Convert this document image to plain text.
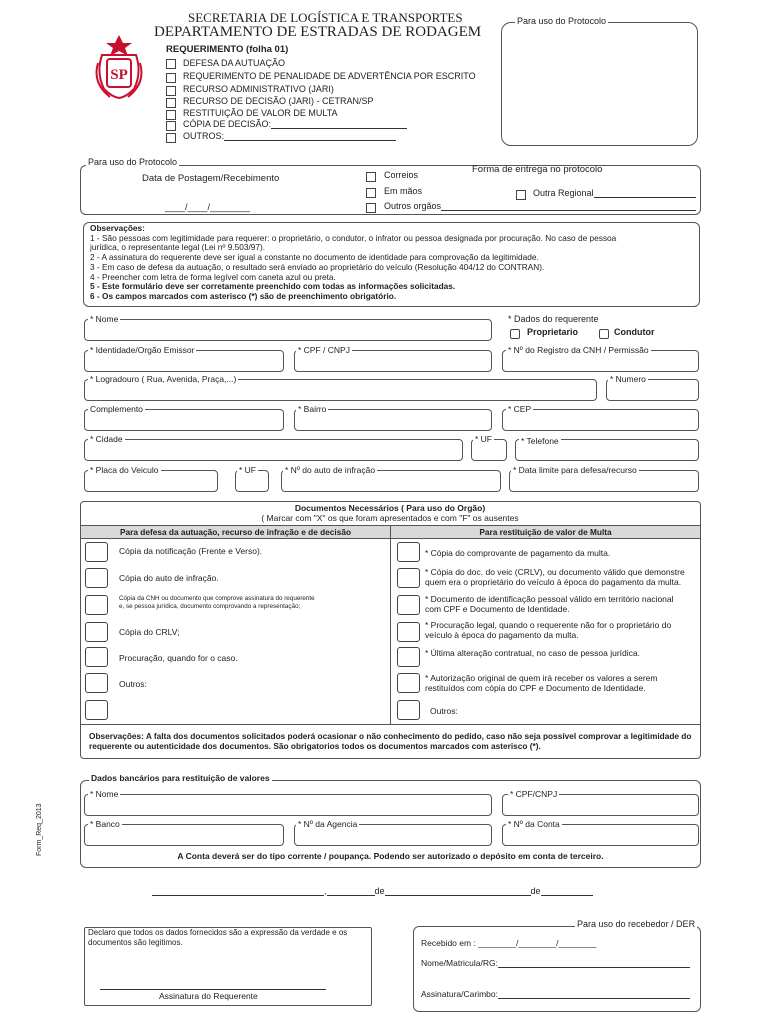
SP
SECRETARIA DE LOGÍSTICA E TRANSPORTES
DEPARTAMENTO DE ESTRADAS DE RODAGEM
REQUERIMENTO (folha 01)
DEFESA DA AUTUAÇÃO
REQUERIMENTO DE PENALIDADE DE ADVERTÊNCIA POR ESCRITO
RECURSO ADMINISTRATIVO (JARI)
RECURSO DE DECISÃO (JARI) - CETRAN/SP
RESTITUIÇÃO DE VALOR DE MULTA
CÓPIA DE DECISÃO:
OUTROS:
Para uso do Protocolo
Para uso do Protocolo
Data de Postagem/Recebimento
____/____/________
Forma de entrega no protocolo
Correios
Em mãos
Outros orgãos
Outra Regional
Observações:
1 - São pessoas com legitimidade para requerer: o proprietário, o condutor, o infrator ou pessoa designada por procuração. No caso de pessoa
jurídica, o representante legal (Lei nº 9.503/97).
2 - A assinatura do requerente deve ser igual a constante no documento de identidade para comprovação da legitimidade.
3 - Em caso de defesa da autuação, o resultado será enviado ao proprietário do veículo (Resolução 404/12 do CONTRAN).
4 - Preencher com letra de forma legível com caneta azul ou preta.
5 - Este formulário deve ser corretamente preenchido com todas as informações solicitadas.
6 - Os campos marcados com asterisco (*) são de preenchimento obrigatório.
* Nome	* Dados do requerente
Proprietario	Condutor
* Identidade/Orgão Emissor	* CPF / CNPJ	* Nº do Registro da CNH / Permissão
* Logradouro ( Rua, Avenida, Praça,...)	* Numero
Complemento	* Bairro	* CEP
* Cidade	* UF	* Telefone
* Placa do Veiculo	* UF	* Nº do auto de infração	* Data limite para defesa/recurso
Documentos Necessários ( Para uso do Orgão)
( Marcar com "X" os que foram apresentados e com "F" os ausentes
Para defesa da autuação, recurso de infração e de decisão	Para restituição de valor de Multa
Cópia da notificação (Frente e Verso).
Cópia do auto de infração.
Cópia da CNH ou documento que comprove assinatura do requerente
e, se pessoa jurídica, documento comprovando a representação;
Cópia do CRLV;
Procuração, quando for o caso.
Outros:
* Cópia do comprovante de pagamento da multa.
* Cópia do doc. do veic (CRLV), ou documento válido que demonstre
quem era o proprietário do veículo à época do pagamento da multa.
* Documento de identificação pessoal válido em território nacional
com CPF e Documento de Identidade.
* Procuração legal, quando o requerente não for o proprietário do
veículo à época do pagamento da multa.
* Última alteração contratual, no caso de pessoa jurídica.
* Autorização original de quem irá receber os valores a serem
restituídos com cópia do CPF e Documento de Identidade.
Outros:
Observações: A falta dos documentos solicitados poderá ocasionar o não conhecimento do pedido, caso não seja possível comprovar a legitimidade do requerente ou autenticidade dos documentos. São obrigatorios todos os documentos marcados com asterisco (*).
Dados bancários para restituição de valores
* Nome	* CPF/CNPJ
* Banco	* Nº da Agencia	* Nº da Conta
A Conta deverá ser do tipo corrente / poupança. Podendo ser autorizado o depósito em conta de terceiro.
Form_Req_2013
,	de	de
Declaro que todos os dados fornecidos são a expressão da verdade e os documentos são legitimos.
Assinatura do Requerente
Para uso do recebedor / DER
Recebido em : ________/________/________
Nome/Matricula/RG:
Assinatura/Carimbo:
